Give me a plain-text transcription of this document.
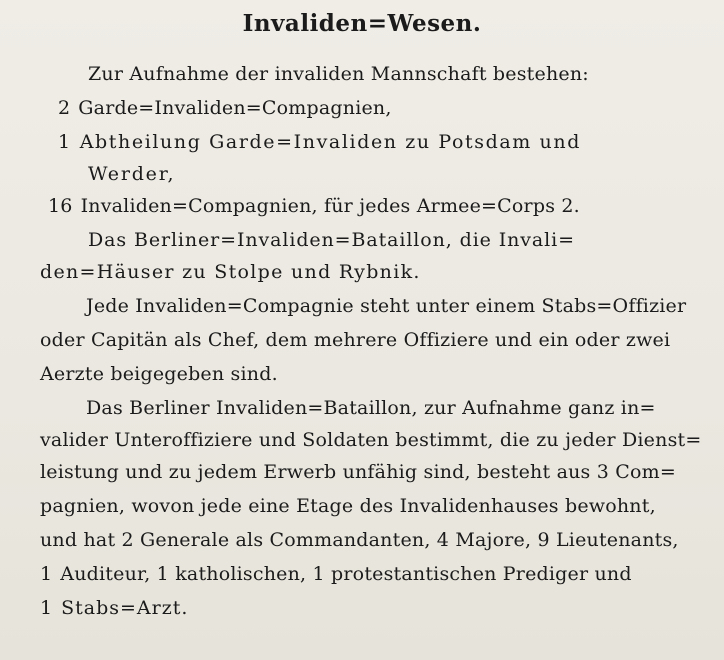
Invaliden=Wesen.
Zur Aufnahme der invaliden Mannschaft bestehen:
2 Garde=Invaliden=Compagnien,
1 Abtheilung Garde=Invaliden zu Potsdam und
Werder,
16 Invaliden=Compagnien, für jedes Armee=Corps 2.
Das Berliner=Invaliden=Bataillon, die Invali=
den=Häuser zu Stolpe und Rybnik.
Jede Invaliden=Compagnie steht unter einem Stabs=Offizier
oder Capitän als Chef, dem mehrere Offiziere und ein oder zwei
Aerzte beigegeben sind.
Das Berliner Invaliden=Bataillon, zur Aufnahme ganz in=
valider Unteroffiziere und Soldaten bestimmt, die zu jeder Dienst=
leistung und zu jedem Erwerb unfähig sind, besteht aus 3 Com=
pagnien, wovon jede eine Etage des Invalidenhauses bewohnt,
und hat 2 Generale als Commandanten, 4 Majore, 9 Lieutenants,
1 Auditeur, 1 katholischen, 1 protestantischen Prediger und
1 Stabs=Arzt.
